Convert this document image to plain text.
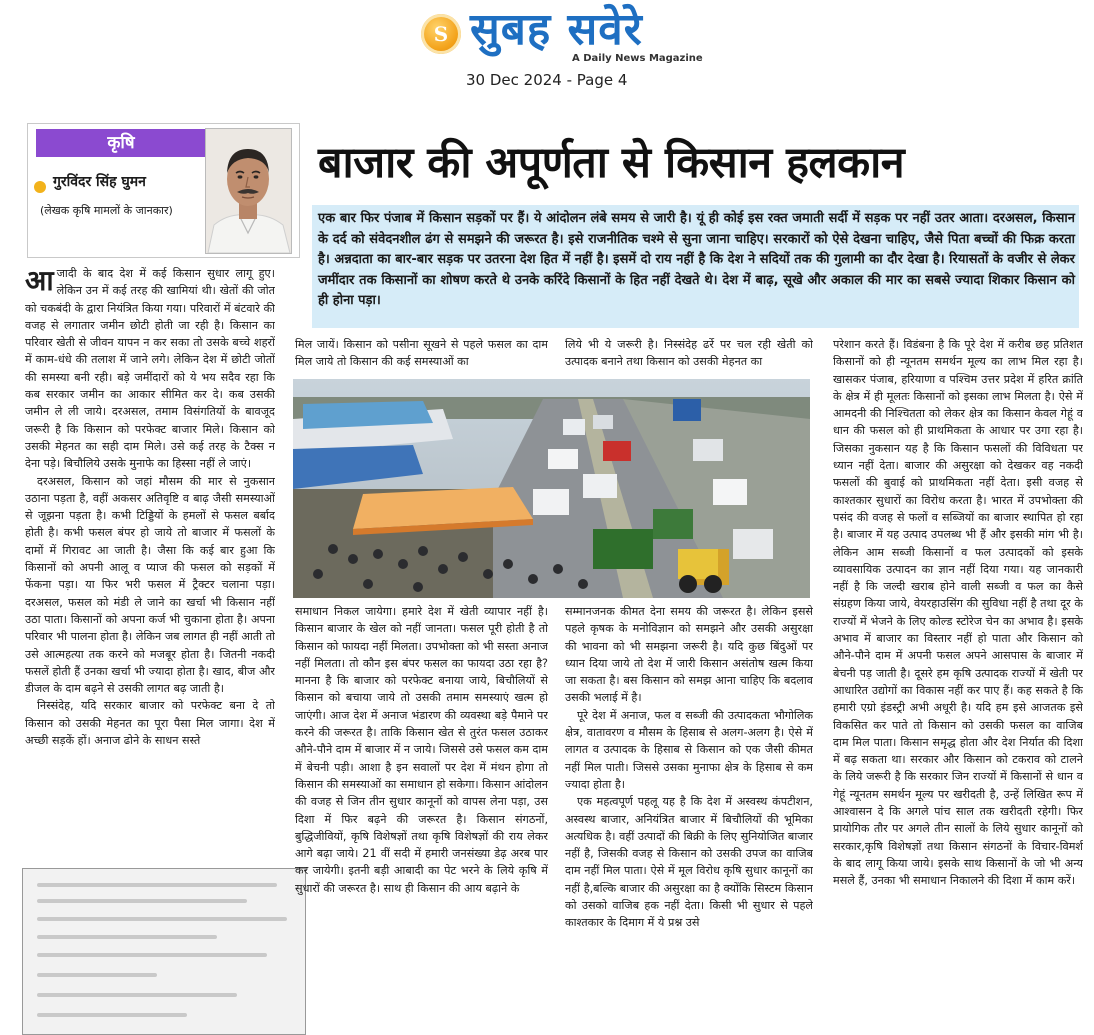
S सुबह सवेरे
A Daily News Magazine
30 Dec 2024 - Page 4
कृषि
गुरविंदर सिंह घुमन
(लेखक कृषि मामलों के जानकार)
बाजार की अपूर्णता से किसान हलकान
एक बार फिर पंजाब में किसान सड़कों पर हैं। ये आंदोलन लंबे समय से जारी है। यूं ही कोई इस रक्त जमाती सर्दी में सड़क पर नहीं उतर आता। दरअसल, किसान के दर्द को संवेदनशील ढंग से समझने की जरूरत है। इसे राजनीतिक चश्मे से सुना जाना चाहिए। सरकारों को ऐसे देखना चाहिए, जैसे पिता बच्चों की फिक्र करता है। अन्नदाता का बार-बार सड़क पर उतरना देश हित में नहीं है। इसमें दो राय नहीं है कि देश ने सदियों तक की गुलामी का दौर देखा है। रियासतों के वजीर से लेकर जमींदार तक किसानों का शोषण करते थे उनके करिंदे किसानों के हित नहीं देखते थे। देश में बाढ़, सूखे और अकाल की मार का सबसे ज्यादा शिकार किसान को ही होना पड़ा।

आजादी के बाद देश में कई किसान सुधार लागू हुए। लेकिन उन में कई तरह की खामियां थी। खेतों की जोत को चकबंदी के द्वारा नियंत्रित किया गया। परिवारों में बंटवारे की वजह से लगातार जमीन छोटी होती जा रही है। किसान का परिवार खेती से जीवन यापन न कर सका तो उसके बच्चे शहरों में काम-धंधे की तलाश में जाने लगे। लेकिन देश में छोटी जोतों की समस्या बनी रही। बड़े जमींदारों को ये भय सदैव रहा कि कब सरकार जमीन का आकार सीमित कर दे। कब उसकी जमीन ले ली जाये। दरअसल, तमाम विसंगतियों के बावजूद जरूरी है कि किसान को परफेक्ट बाजार मिले। किसान को उसकी मेहनत का सही दाम मिले। उसे कई तरह के टैक्स न देना पड़े। बिचौलिये उसके मुनाफे का हिस्सा नहीं ले जाएं।

दरअसल, किसान को जहां मौसम की मार से नुकसान उठाना पड़ता है, वहीं अकसर अतिवृष्टि व बाढ़ जैसी समस्याओं से जूझना पड़ता है। कभी टिड्डियों के हमलों से फसल बर्बाद होती है। कभी फसल बंपर हो जाये तो बाजार में फसलों के दामों में गिरावट आ जाती है। जैसा कि कई बार हुआ कि किसानों को अपनी आलू व प्याज की फसल को सड़कों में फेंकना पड़ा। या फिर भरी फसल में ट्रैक्टर चलाना पड़ा। दरअसल, फसल को मंडी ले जाने का खर्चा भी किसान नहीं उठा पाता। किसानों को अपना कर्ज भी चुकाना होता है। अपना परिवार भी पालना होता है। लेकिन जब लागत ही नहीं आती तो उसे आत्महत्या तक करने को मजबूर होता है। जितनी नकदी फसलें होती हैं उनका खर्चा भी ज्यादा होता है। खाद, बीज और डीजल के दाम बढ़ने से उसकी लागत बढ़ जाती है।

निस्संदेह, यदि सरकार बाजार को परफेक्ट बना दे तो किसान को उसकी मेहनत का पूरा पैसा मिल जागा। देश में अच्छी सड़कें हों। अनाज ढोने के साधन सस्ते

मिल जायें। किसान को पसीना सूखने से पहले फसल का दाम मिल जाये तो किसान की कई समस्याओं का
लिये भी ये जरूरी है। निस्संदेह ढर्रे पर चल रही खेती को उत्पादक बनाने तथा किसान को उसकी मेहनत का

समाधान निकल जायेगा। हमारे देश में खेती व्यापार नहीं है। किसान बाजार के खेल को नहीं जानता। फसल पूरी होती है तो किसान को फायदा नहीं मिलता। उपभोक्ता को भी सस्ता अनाज नहीं मिलता। तो कौन इस बंपर फसल का फायदा उठा रहा है? मानना है कि बाजार को परफेक्ट बनाया जाये, बिचौलियों से किसान को बचाया जाये तो उसकी तमाम समस्याएं खत्म हो जाएंगी। आज देश में अनाज भंडारण की व्यवस्था बड़े पैमाने पर करने की जरूरत है। ताकि किसान खेत से तुरंत फसल उठाकर औने-पौने दाम में बाजार में न जाये। जिससे उसे फसल कम दाम में बेचनी पड़ी। आशा है इन सवालों पर देश में मंथन होगा तो किसान की समस्याओं का समाधान हो सकेगा। किसान आंदोलन की वजह से जिन तीन सुधार कानूनों को वापस लेना पड़ा, उस दिशा में फिर बढ़ने की जरूरत है। किसान संगठनों, बुद्धिजीवियों, कृषि विशेषज्ञों तथा कृषि विशेषज्ञों की राय लेकर आगे बढ़ा जाये। 21 वीं सदी में हमारी जनसंख्या डेढ़ अरब पार कर जायेगी। इतनी बड़ी आबादी का पेट भरने के लिये कृषि में सुधारों की जरूरत है। साथ ही किसान की आय बढ़ाने के

सम्मानजनक कीमत देना समय की जरूरत है। लेकिन इससे पहले कृषक के मनोविज्ञान को समझने और उसकी असुरक्षा की भावना को भी समझना जरूरी है। यदि कुछ बिंदुओं पर ध्यान दिया जाये तो देश में जारी किसान असंतोष खत्म किया जा सकता है। बस किसान को समझ आना चाहिए कि बदलाव उसकी भलाई में है।

पूरे देश में अनाज, फल व सब्जी की उत्पादकता भौगोलिक क्षेत्र, वातावरण व मौसम के हिसाब से अलग-अलग है। ऐसे में लागत व उत्पादक के हिसाब से किसान को एक जैसी कीमत नहीं मिल पाती। जिससे उसका मुनाफा क्षेत्र के हिसाब से कम ज्यादा होता है।

एक महत्वपूर्ण पहलू यह है कि देश में अस्वस्थ कंपटीशन, अस्वस्थ बाजार, अनियंत्रित बाजार में बिचौलियों की भूमिका अत्यधिक है। वहीं उत्पादों की बिक्री के लिए सुनियोजित बाजार नहीं है, जिसकी वजह से किसान को उसकी उपज का वाजिब दाम नहीं मिल पाता। ऐसे में मूल विरोध कृषि सुधार कानूनों का नहीं है,बल्कि बाजार की असुरक्षा का है क्योंकि सिस्टम किसान को उसको वाजिब हक नहीं देता। किसी भी सुधार से पहले काश्तकार के दिमाग में ये प्रश्न उसे

परेशान करते हैं। विडंबना है कि पूरे देश में करीब छह प्रतिशत किसानों को ही न्यूनतम समर्थन मूल्य का लाभ मिल रहा है। खासकर पंजाब, हरियाणा व पश्चिम उत्तर प्रदेश में हरित क्रांति के क्षेत्र में ही मूलतः किसानों को इसका लाभ मिलता है। ऐसे में आमदनी की निश्चितता को लेकर क्षेत्र का किसान केवल गेहूं व धान की फसल को ही प्राथमिकता के आधार पर उगा रहा है। जिसका नुकसान यह है कि किसान फसलों की विविधता पर ध्यान नहीं देता। बाजार की असुरक्षा को देखकर वह नकदी फसलों की बुवाई को प्राथमिकता नहीं देता। इसी वजह से काश्तकार सुधारों का विरोध करता है। भारत में उपभोक्ता की पसंद की वजह से फलों व सब्जियों का बाजार स्थापित हो रहा है। बाजार में यह उत्पाद उपलब्ध भी हैं और इसकी मांग भी है। लेकिन आम सब्जी किसानों व फल उत्पादकों को इसके व्यावसायिक उत्पादन का ज्ञान नहीं दिया गया। यह जानकारी नहीं है कि जल्दी खराब होने वाली सब्जी व फल का कैसे संग्रहण किया जाये, वेयरहाउसिंग की सुविधा नहीं है तथा दूर के राज्यों में भेजने के लिए कोल्ड स्टोरेज चेन का अभाव है। इसके अभाव में बाजार का विस्तार नहीं हो पाता और किसान को औने-पौने दाम में अपनी फसल अपने आसपास के बाजार में बेचनी पड़ जाती है। दूसरे हम कृषि उत्पादक राज्यों में खेती पर आधारित उद्योगों का विकास नहीं कर पाए हैं। कह सकते है कि हमारी एग्रो इंडस्ट्री अभी अधूरी है। यदि हम इसे आजतक इसे विकसित कर पाते तो किसान को उसकी फसल का वाजिब दाम मिल पाता। किसान समृद्ध होता और देश निर्यात की दिशा में बढ़ सकता था। सरकार और किसान को टकराव को टालने के लिये जरूरी है कि सरकार जिन राज्यों में किसानों से धान व गेहूं न्यूनतम समर्थन मूल्य पर खरीदती है, उन्हें लिखित रूप में आश्वासन दे कि अगले पांच साल तक खरीदती रहेगी। फिर प्रायोगिक तौर पर अगले तीन सालों के लिये सुधार कानूनों को सरकार,कृषि विशेषज्ञों तथा किसान संगठनों के विचार-विमर्श के बाद लागू किया जाये। इसके साथ किसानों के जो भी अन्य मसले हैं, उनका भी समाधान निकालने की दिशा में काम करें।
